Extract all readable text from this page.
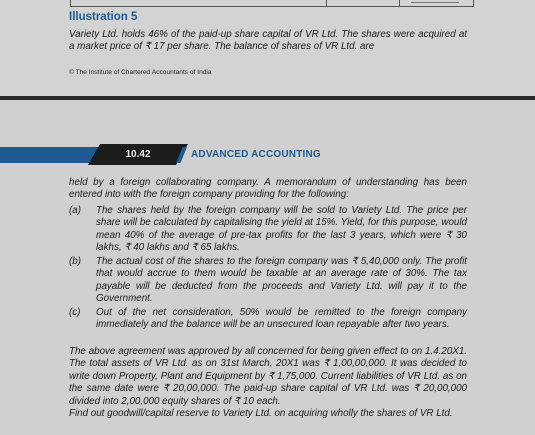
Illustration 5

Variety Ltd. holds 46% of the paid-up share capital of VR Ltd. The shares were acquired at a market price of ₹ 17 per share. The balance of shares of VR Ltd. are

© The Institute of Chartered Accountants of India
10.42	ADVANCED ACCOUNTING

held by a foreign collaborating company. A memorandum of understanding has been entered into with the foreign company providing for the following:

(a) The shares held by the foreign company will be sold to Variety Ltd. The price per share will be calculated by capitalising the yield at 15%. Yield, for this purpose, would mean 40% of the average of pre-tax profits for the last 3 years, which were ₹ 30 lakhs, ₹ 40 lakhs and ₹ 65 lakhs.
(b) The actual cost of the shares to the foreign company was ₹ 5,40,000 only. The profit that would accrue to them would be taxable at an average rate of 30%. The tax payable will be deducted from the proceeds and Variety Ltd. will pay it to the Government.
(c) Out of the net consideration, 50% would be remitted to the foreign company immediately and the balance will be an unsecured loan repayable after two years.

The above agreement was approved by all concerned for being given effect to on 1.4.20X1. The total assets of VR Ltd. as on 31st March, 20X1 was ₹ 1,00,00,000. It was decided to write down Property, Plant and Equipment by ₹ 1,75,000. Current liabilities of VR Ltd. as on the same date were ₹ 20,00,000. The paid-up share capital of VR Ltd. was ₹ 20,00,000 divided into 2,00,000 equity shares of ₹ 10 each.

Find out goodwill/capital reserve to Variety Ltd. on acquiring wholly the shares of VR Ltd.
